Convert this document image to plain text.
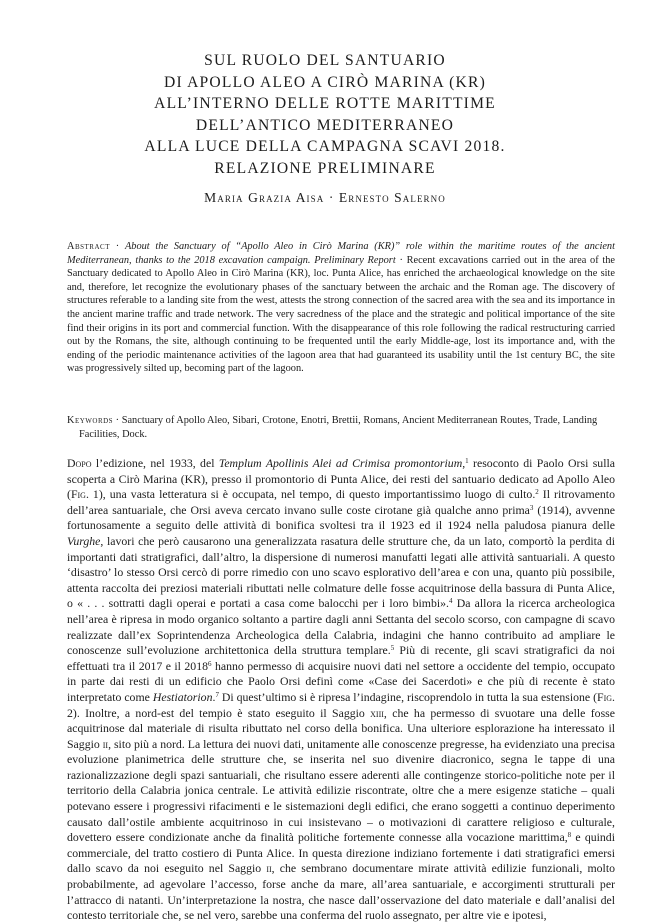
SUL RUOLO DEL SANTUARIO
DI APOLLO ALEO A CIRÒ MARINA (KR)
ALL’INTERNO DELLE ROTTE MARITTIME
DELL’ANTICO MEDITERRANEO
ALLA LUCE DELLA CAMPAGNA SCAVI 2018.
RELAZIONE PRELIMINARE
Maria Grazia Aisa · Ernesto Salerno
Abstract · About the Sanctuary of “Apollo Aleo in Cirò Marina (KR)” role within the maritime routes of the ancient Mediterranean, thanks to the 2018 excavation campaign. Preliminary Report · Recent excavations carried out in the area of the Sanctuary dedicated to Apollo Aleo in Cirò Marina (KR), loc. Punta Alice, has enriched the archaeological knowledge on the site and, therefore, let recognize the evolutionary phases of the sanctuary between the archaic and the Roman age. The discovery of structures referable to a landing site from the west, attests the strong connection of the sacred area with the sea and its importance in the ancient marine traffic and trade network. The very sacredness of the place and the strategic and political importance of the site find their origins in its port and commercial function. With the disappearance of this role following the radical restructuring carried out by the Romans, the site, although continuing to be frequented until the early Middle-age, lost its importance and, with the ending of the periodic maintenance activities of the lagoon area that had guaranteed its usability until the 1st century BC, the site was progressively silted up, becoming part of the lagoon.
Keywords · Sanctuary of Apollo Aleo, Sibari, Crotone, Enotri, Brettii, Romans, Ancient Mediterranean Routes, Trade, Landing Facilities, Dock.
Dopo l’edizione, nel 1933, del Templum Apollinis Alei ad Crimisa promontorium,$^1$ resoconto di Paolo Orsi sulla scoperta a Cirò Marina (KR), presso il promontorio di Punta Alice, dei resti del santuario dedicato ad Apollo Aleo (Fig. 1), una vasta letteratura si è occupata, nel tempo, di questo importantissimo luogo di culto.$^2$ Il ritrovamento dell’area santuariale, che Orsi aveva cercato invano sulle coste cirotane già qualche anno prima$^3$ (1914), avvenne fortunosamente a seguito delle attività di bonifica svoltesi tra il 1923 ed il 1924 nella paludosa pianura delle Vurghe, lavori che però causarono una generalizzata rasatura delle strutture che, da un lato, comportò la perdita di importanti dati stratigrafici, dall’altro, la dispersione di numerosi manufatti legati alle attività santuariali. A questo ‘disastro’ lo stesso Orsi cercò di porre rimedio con uno scavo esplorativo dell’area e con una, quanto più possibile, attenta raccolta dei preziosi materiali ributtati nelle colmature delle fosse acquitrinose della bassura di Punta Alice, o « . . . sottratti dagli operai e portati a casa come balocchi per i loro bimbi».$^4$ Da allora la ricerca archeologica nell’area è ripresa in modo organico soltanto a partire dagli anni Settanta del secolo scorso, con campagne di scavo realizzate dall’ex Soprintendenza Archeologica della Calabria, indagini che hanno contribuito ad ampliare le conoscenze sull’evoluzione architettonica della struttura templare.$^5$ Più di recente, gli scavi stratigrafici da noi effettuati tra il 2017 e il 2018$^6$ hanno permesso di acquisire nuovi dati nel settore a occidente del tempio, occupato in parte dai resti di un edificio che Paolo Orsi definì come «Case dei Sacerdoti» e che più di recente è stato interpretato come Hestiatorion.$^7$ Di quest’ultimo si è ripresa l’indagine, riscoprendolo in tutta la sua estensione (Fig. 2). Inoltre, a nord-est del tempio è stato eseguito il Saggio xiii, che ha permesso di svuotare una delle fosse acquitrinose dal materiale di risulta ributtato nel corso della bonifica. Una ulteriore esplorazione ha interessato il Saggio ii, sito più a nord. La lettura dei nuovi dati, unitamente alle conoscenze pregresse, ha evidenziato una precisa evoluzione planimetrica delle strutture che, se inserita nel suo divenire diacronico, segna le tappe di una razionalizzazione degli spazi santuariali, che risultano essere aderenti alle contingenze storico-politiche note per il territorio della Calabria jonica centrale. Le attività edilizie riscontrate, oltre che a mere esigenze statiche – quali potevano essere i progressivi rifacimenti e le sistemazioni degli edifici, che erano soggetti a continuo deperimento causato dall’ostile ambiente acquitrinoso in cui insistevano – o motivazioni di carattere religioso e culturale, dovettero essere condizionate anche da finalità politiche fortemente connesse alla vocazione marittima,$^8$ e quindi commerciale, del tratto costiero di Punta Alice. In questa direzione indiziano fortemente i dati stratigrafici emersi dallo scavo da noi eseguito nel Saggio ii, che sembrano documentare mirate attività edilizie funzionali, molto probabilmente, ad agevolare l’accesso, forse anche da mare, all’area santuariale, e accorgimenti strutturali per l’attracco di natanti. Un’interpretazione la nostra, che nasce dall’osservazione del dato materiale e dall’analisi del contesto territoriale che, se nel vero, sarebbe una conferma del ruolo assegnato, per altre vie e ipotesi,
